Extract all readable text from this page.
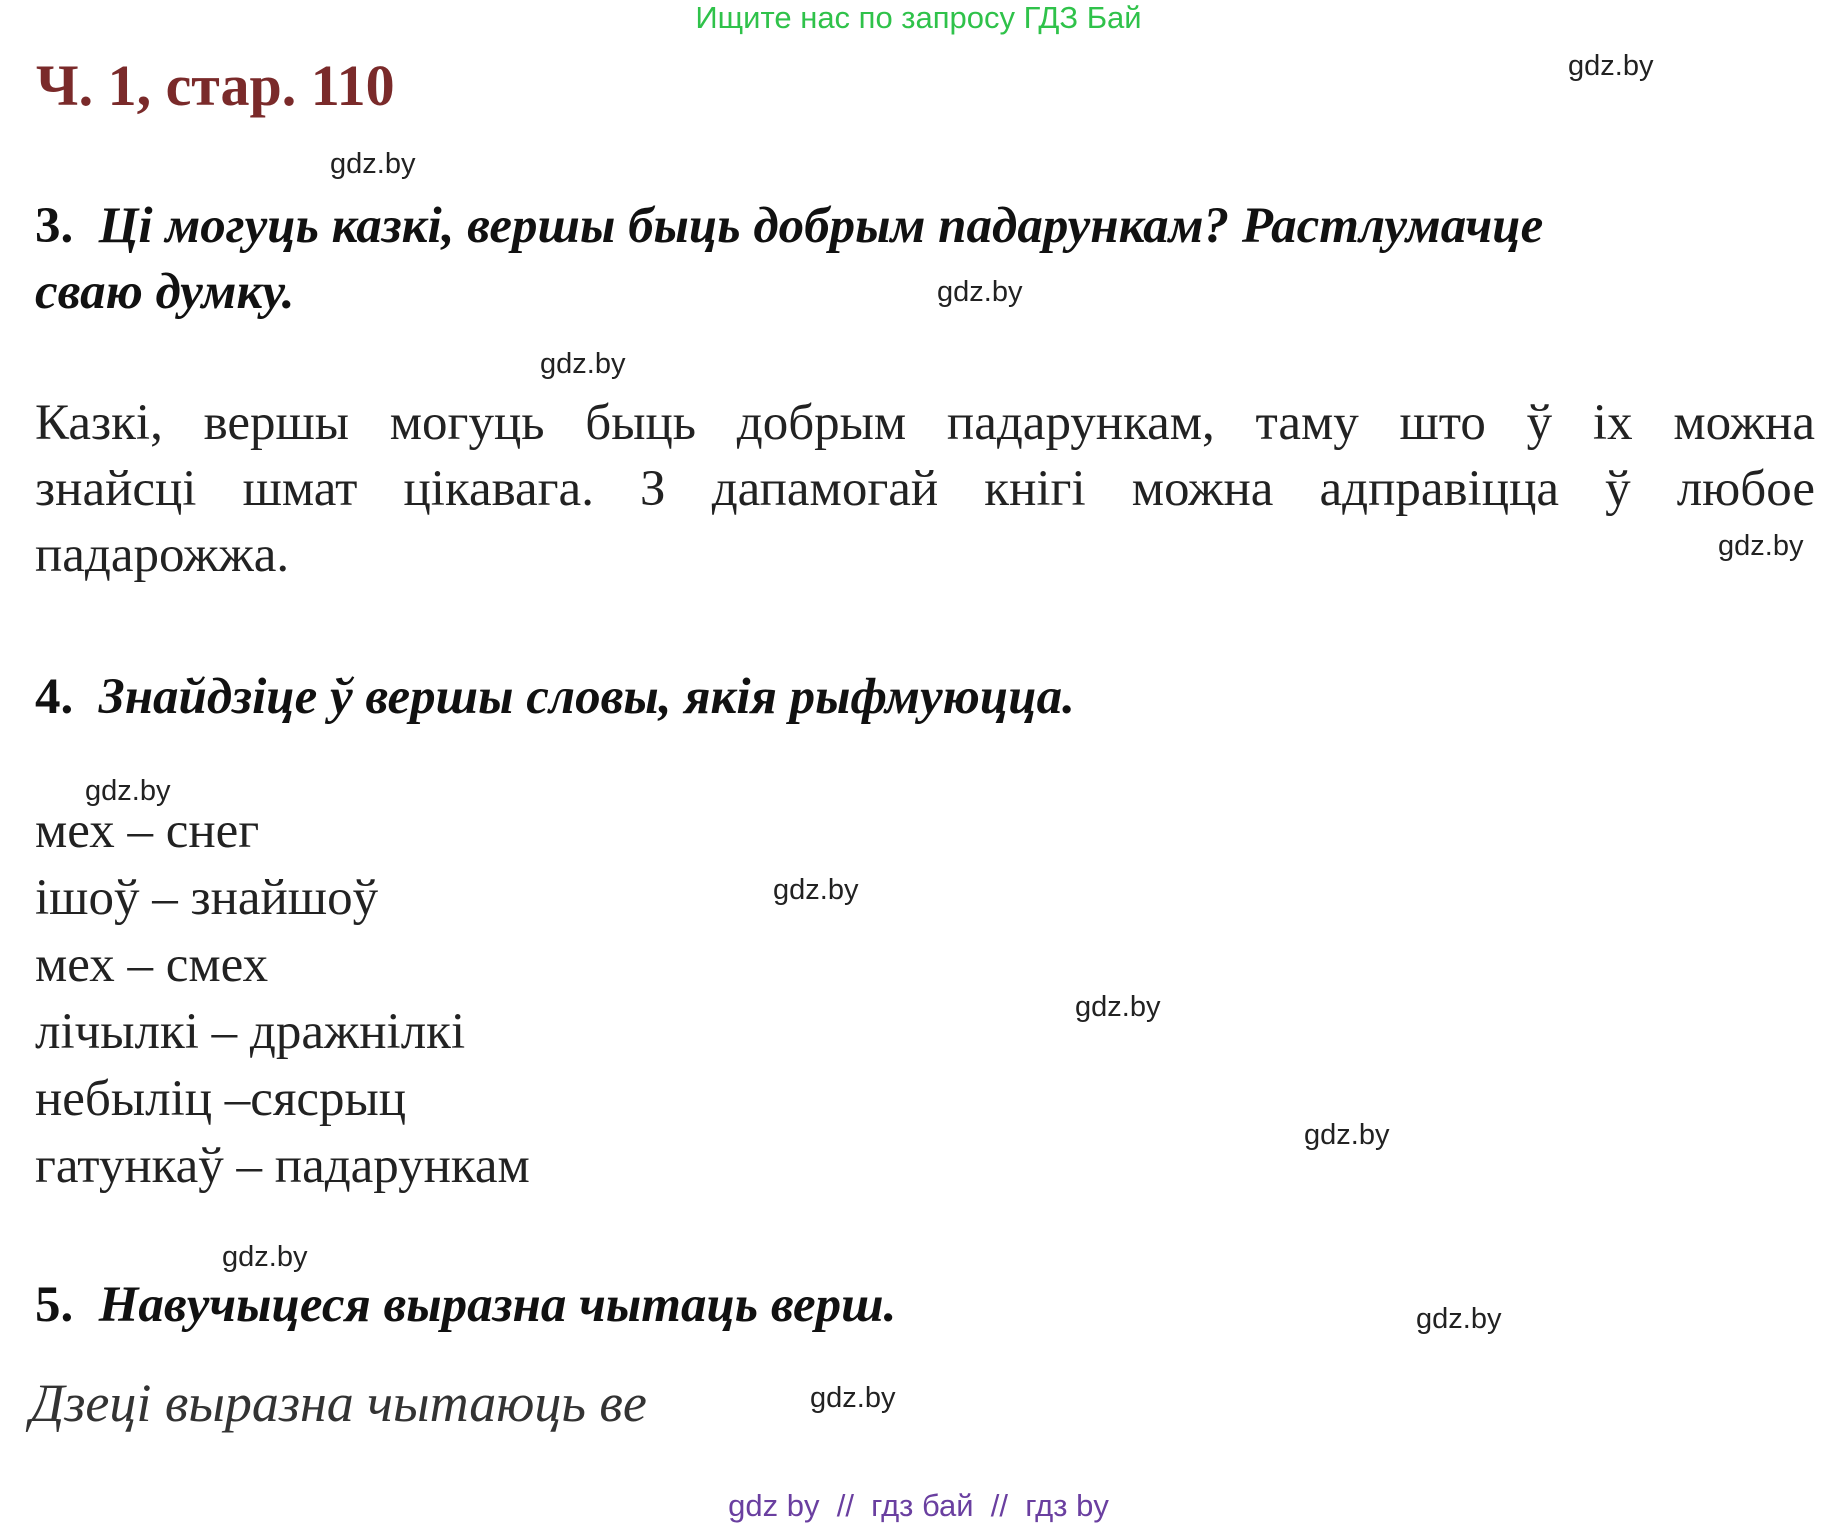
Ищите нас по запросу ГДЗ Бай
Ч. 1, стар. 110	gdz.by
gdz.by
gdz.by
gdz.by
gdz.by
gdz.by
gdz.by
gdz.by
gdz.by
gdz.by
gdz.by
gdz.by
3. Ці могуць казкі, вершы быць добрым падарункам? Растлумачце
сваю думку.
Казкі, вершы могуць быць добрым падарункам, таму што ў іх можна
знайсці шмат цікавага. З дапамогай кнігі можна адправіцца ў любое
падарожжа.
4. Знайдзіце ў вершы словы, якія рыфмуюцца.
мех – снег
ішоў – знайшоў
мех – смех
лічылкі – дражнілкі
небыліц –сясрыц
гатункаў – падарункам
5. Навучыцеся выразна чытаць верш.
Дзеці выразна чытаюць ве
gdz by  //  гдз бай  //  гдз by
